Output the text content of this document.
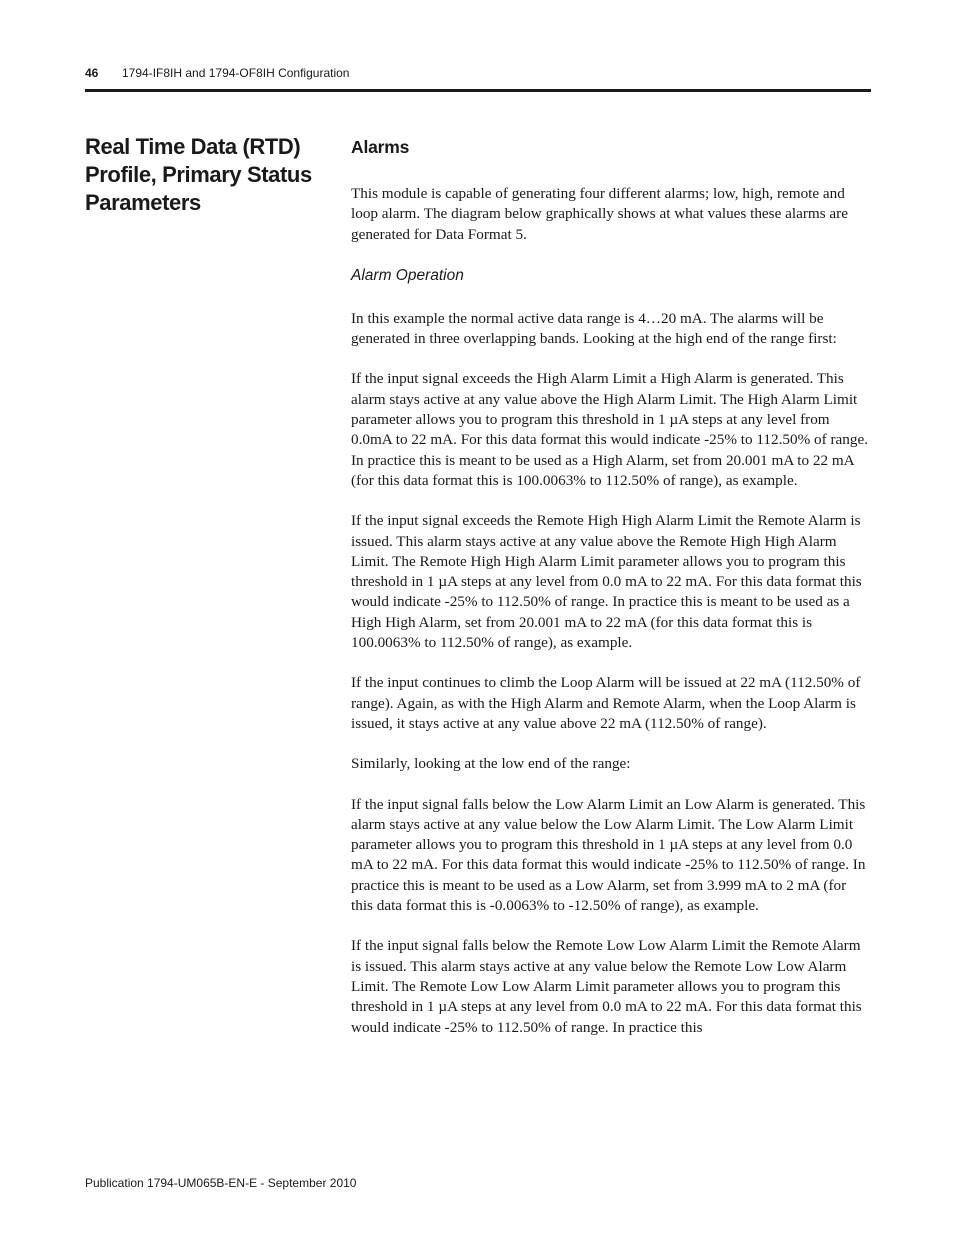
46 1794-IF8IH and 1794-OF8IH Configuration
Real Time Data (RTD) Profile, Primary Status Parameters
Alarms

This module is capable of generating four different alarms; low, high, remote and loop alarm. The diagram below graphically shows at what values these alarms are generated for Data Format 5.

Alarm Operation

In this example the normal active data range is 4…20 mA. The alarms will be generated in three overlapping bands. Looking at the high end of the range first:

If the input signal exceeds the High Alarm Limit a High Alarm is generated. This alarm stays active at any value above the High Alarm Limit. The High Alarm Limit parameter allows you to program this threshold in 1 µA steps at any level from 0.0mA to 22 mA. For this data format this would indicate -25% to 112.50% of range. In practice this is meant to be used as a High Alarm, set from 20.001 mA to 22 mA (for this data format this is 100.0063% to 112.50% of range), as example.

If the input signal exceeds the Remote High High Alarm Limit the Remote Alarm is issued. This alarm stays active at any value above the Remote High High Alarm Limit. The Remote High High Alarm Limit parameter allows you to program this threshold in 1 µA steps at any level from 0.0 mA to 22 mA. For this data format this would indicate -25% to 112.50% of range. In practice this is meant to be used as a High High Alarm, set from 20.001 mA to 22 mA (for this data format this is 100.0063% to 112.50% of range), as example.

If the input continues to climb the Loop Alarm will be issued at 22 mA (112.50% of range). Again, as with the High Alarm and Remote Alarm, when the Loop Alarm is issued, it stays active at any value above 22 mA (112.50% of range).

Similarly, looking at the low end of the range:

If the input signal falls below the Low Alarm Limit an Low Alarm is generated. This alarm stays active at any value below the Low Alarm Limit. The Low Alarm Limit parameter allows you to program this threshold in 1 µA steps at any level from 0.0 mA to 22 mA. For this data format this would indicate -25% to 112.50% of range. In practice this is meant to be used as a Low Alarm, set from 3.999 mA to 2 mA (for this data format this is -0.0063% to -12.50% of range), as example.

If the input signal falls below the Remote Low Low Alarm Limit the Remote Alarm is issued. This alarm stays active at any value below the Remote Low Low Alarm Limit. The Remote Low Low Alarm Limit parameter allows you to program this threshold in 1 µA steps at any level from 0.0 mA to 22 mA. For this data format this would indicate -25% to 112.50% of range. In practice this

Publication 1794-UM065B-EN-E - September 2010
